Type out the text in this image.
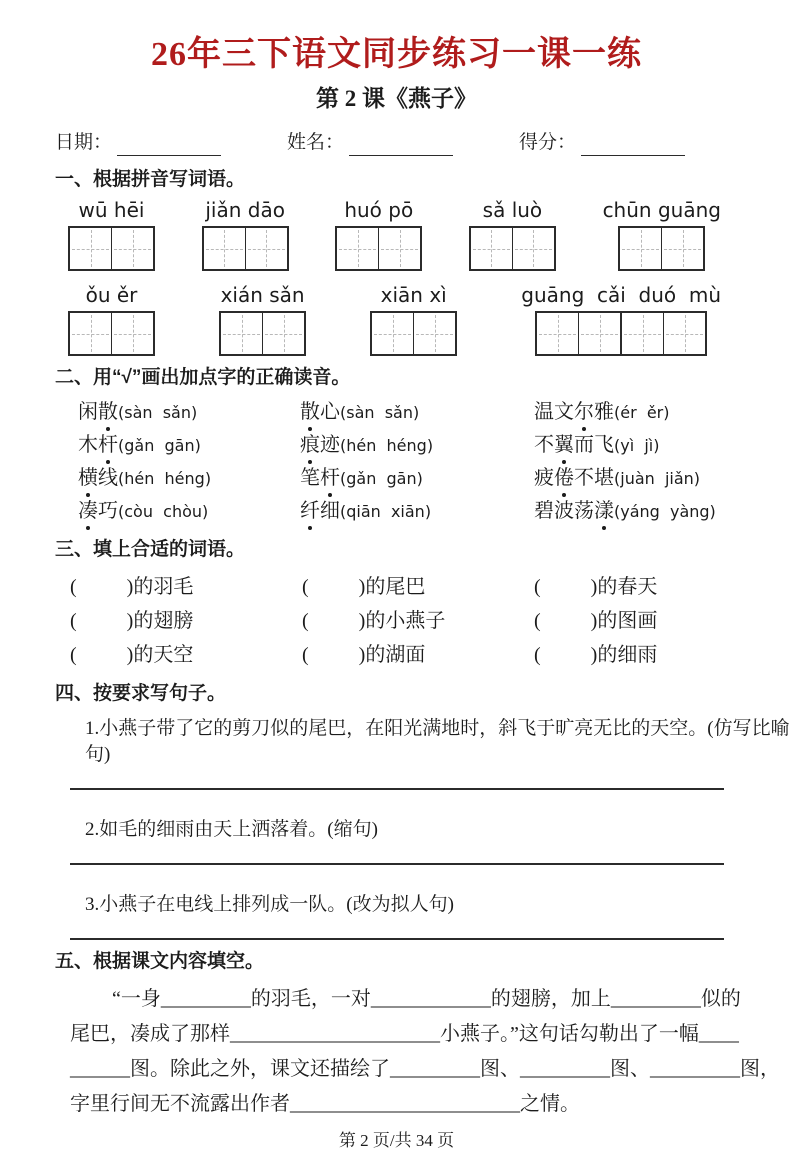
26年三下语文同步练习一课一练
第 2 课《燕子》
日期：	姓名：	得分：
一、根据拼音写词语。
wū hēi	jiǎn dāo	huó pō	sǎ luò	chūn guāng
ǒu ěr	xián sǎn	xiān xì	guāng  cǎi  duó  mù
二、用“√”画出加点字的正确读音。
闲散(sàn  sǎn)	散心(sàn  sǎn)	温文尔雅(ér  ěr)
木杆(gǎn  gān)	痕迹(hén  héng)	不翼而飞(yì  jì)
横线(hén  héng)	笔杆(gǎn  gān)	疲倦不堪(juàn  jiǎn)
凑巧(còu  chòu)	纤细(qiān  xiān)	碧波荡漾(yáng  yàng)
三、填上合适的词语。
(          )的羽毛	(          )的尾巴	(          )的春天
(          )的翅膀	(          )的小燕子	(          )的图画
(          )的天空	(          )的湖面	(          )的细雨
四、按要求写句子。

1.小燕子带了它的剪刀似的尾巴，在阳光满地时，斜飞于旷亮无比的天空。(仿写比喻句)

2.如毛的细雨由天上洒落着。(缩句)

3.小燕子在电线上排列成一队。(改为拟人句)

五、根据课文内容填空。
“一身_________的羽毛，一对____________的翅膀，加上_________似的
尾巴，凑成了那样_____________________小燕子。”这句话勾勒出了一幅____
______图。除此之外，课文还描绘了_________图、_________图、_________图，
字里行间无不流露出作者_______________________之情。
第 2 页/共 34 页
